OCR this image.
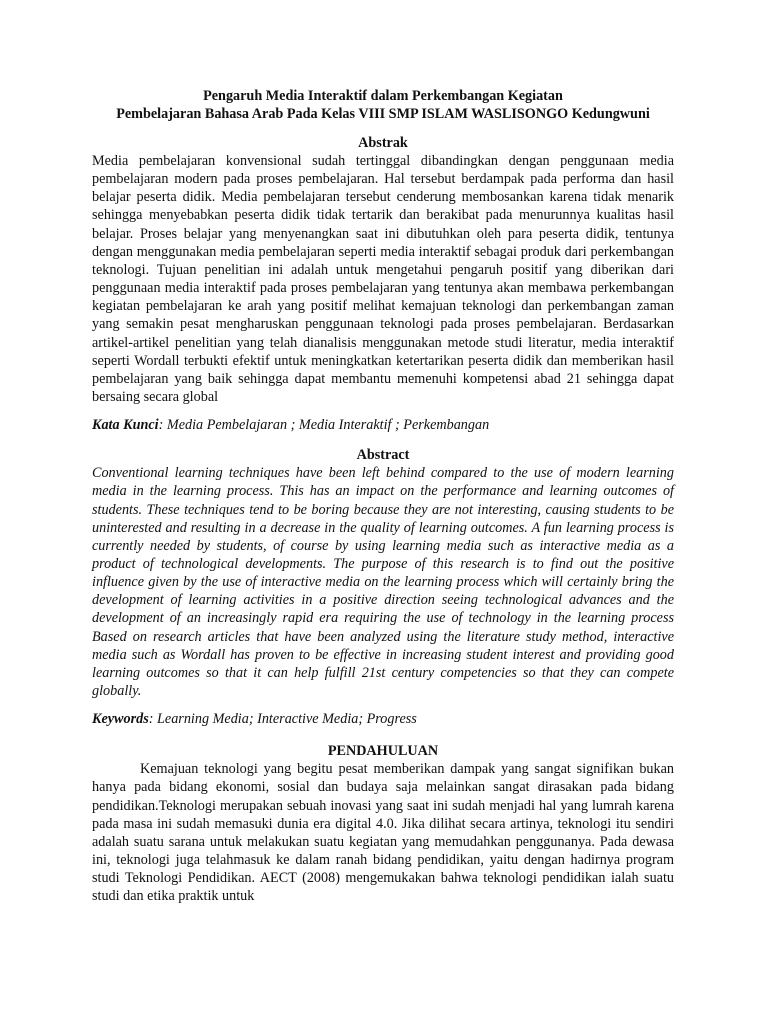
Pengaruh Media Interaktif dalam Perkembangan Kegiatan

Pembelajaran Bahasa Arab Pada Kelas VIII SMP ISLAM WASLISONGO Kedungwuni

Abstrak

Media pembelajaran konvensional sudah tertinggal dibandingkan dengan penggunaan media pembelajaran modern pada proses pembelajaran. Hal tersebut berdampak pada performa dan hasil belajar peserta didik. Media pembelajaran tersebut cenderung membosankan karena tidak menarik sehingga menyebabkan peserta didik tidak tertarik dan berakibat pada menurunnya kualitas hasil belajar. Proses belajar yang menyenangkan saat ini dibutuhkan oleh para peserta didik, tentunya dengan menggunakan media pembelajaran seperti media interaktif sebagai produk dari perkembangan teknologi. Tujuan penelitian ini adalah untuk mengetahui pengaruh positif yang diberikan dari penggunaan media interaktif pada proses pembelajaran yang tentunya akan membawa perkembangan kegiatan pembelajaran ke arah yang positif melihat kemajuan teknologi dan perkembangan zaman yang semakin pesat mengharuskan penggunaan teknologi pada proses pembelajaran. Berdasarkan artikel-artikel penelitian yang telah dianalisis menggunakan metode studi literatur, media interaktif seperti Wordall terbukti efektif untuk meningkatkan ketertarikan peserta didik dan memberikan hasil pembelajaran yang baik sehingga dapat membantu memenuhi kompetensi abad 21 sehingga dapat bersaing secara global

Kata Kunci: Media Pembelajaran ; Media Interaktif ; Perkembangan

Abstract

Conventional learning techniques have been left behind compared to the use of modern learning media in the learning process. This has an impact on the performance and learning outcomes of students. These techniques tend to be boring because they are not interesting, causing students to be uninterested and resulting in a decrease in the quality of learning outcomes. A fun learning process is currently needed by students, of course by using learning media such as interactive media as a product of technological developments. The purpose of this research is to find out the positive influence given by the use of interactive media on the learning process which will certainly bring the development of learning activities in a positive direction seeing technological advances and the development of an increasingly rapid era requiring the use of technology in the learning process Based on research articles that have been analyzed using the literature study method, interactive media such as Wordall has proven to be effective in increasing student interest and providing good learning outcomes so that it can help fulfill 21st century competencies so that they can compete globally.

Keywords: Learning Media; Interactive Media; Progress

PENDAHULUAN

Kemajuan teknologi yang begitu pesat memberikan dampak yang sangat signifikan bukan hanya pada bidang ekonomi, sosial dan budaya saja melainkan sangat dirasakan pada bidang pendidikan.Teknologi merupakan sebuah inovasi yang saat ini sudah menjadi hal yang lumrah karena pada masa ini sudah memasuki dunia era digital 4.0. Jika dilihat secara artinya, teknologi itu sendiri adalah suatu sarana untuk melakukan suatu kegiatan yang memudahkan penggunanya. Pada dewasa ini, teknologi juga telahmasuk ke dalam ranah bidang pendidikan, yaitu dengan hadirnya program studi Teknologi Pendidikan. AECT (2008) mengemukakan bahwa teknologi pendidikan ialah suatu studi dan etika praktik untuk
